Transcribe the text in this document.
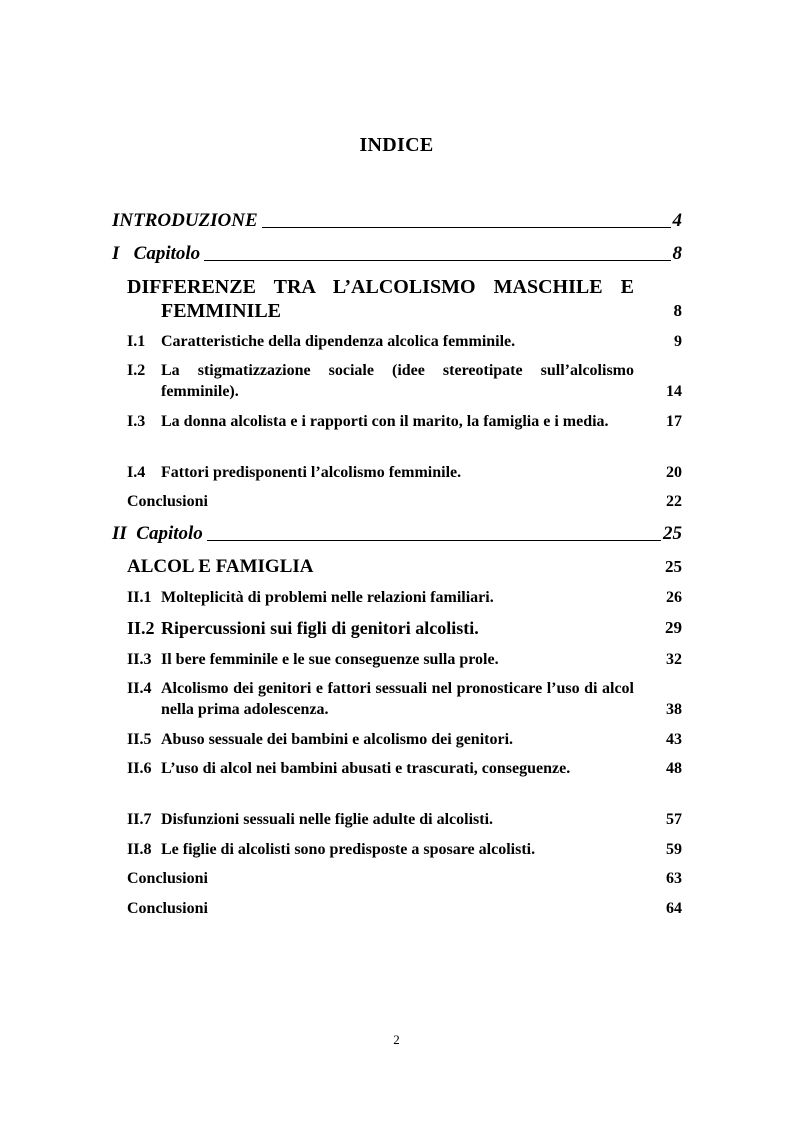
INDICE
INTRODUZIONE	4
I   Capitolo	8
DIFFERENZE TRA L’ALCOLISMO MASCHILE E
FEMMINILE	8
I.1 Caratteristiche della dipendenza alcolica femminile.	9
I.2 La stigmatizzazione sociale (idee stereotipate sull’alcolismo femminile).	14
I.3 La donna alcolista e i rapporti con il marito, la famiglia e i media.	17
I.4 Fattori predisponenti l’alcolismo femminile.	20
Conclusioni	22
II  Capitolo	25
ALCOL E FAMIGLIA	25
II.1 Molteplicità di problemi nelle relazioni familiari.	26
II.2 Ripercussioni sui figli di genitori alcolisti.	29
II.3 Il bere femminile e le sue conseguenze sulla prole.	32
II.4 Alcolismo dei genitori e fattori sessuali nel pronosticare l’uso di alcol nella prima adolescenza.	38
II.5 Abuso sessuale dei bambini e alcolismo dei genitori.	43
II.6 L’uso di alcol nei bambini abusati e trascurati, conseguenze.	48
II.7 Disfunzioni sessuali nelle figlie adulte di alcolisti.	57
II.8 Le figlie di alcolisti sono predisposte a sposare alcolisti.	59
Conclusioni	63
Conclusioni	64
2
